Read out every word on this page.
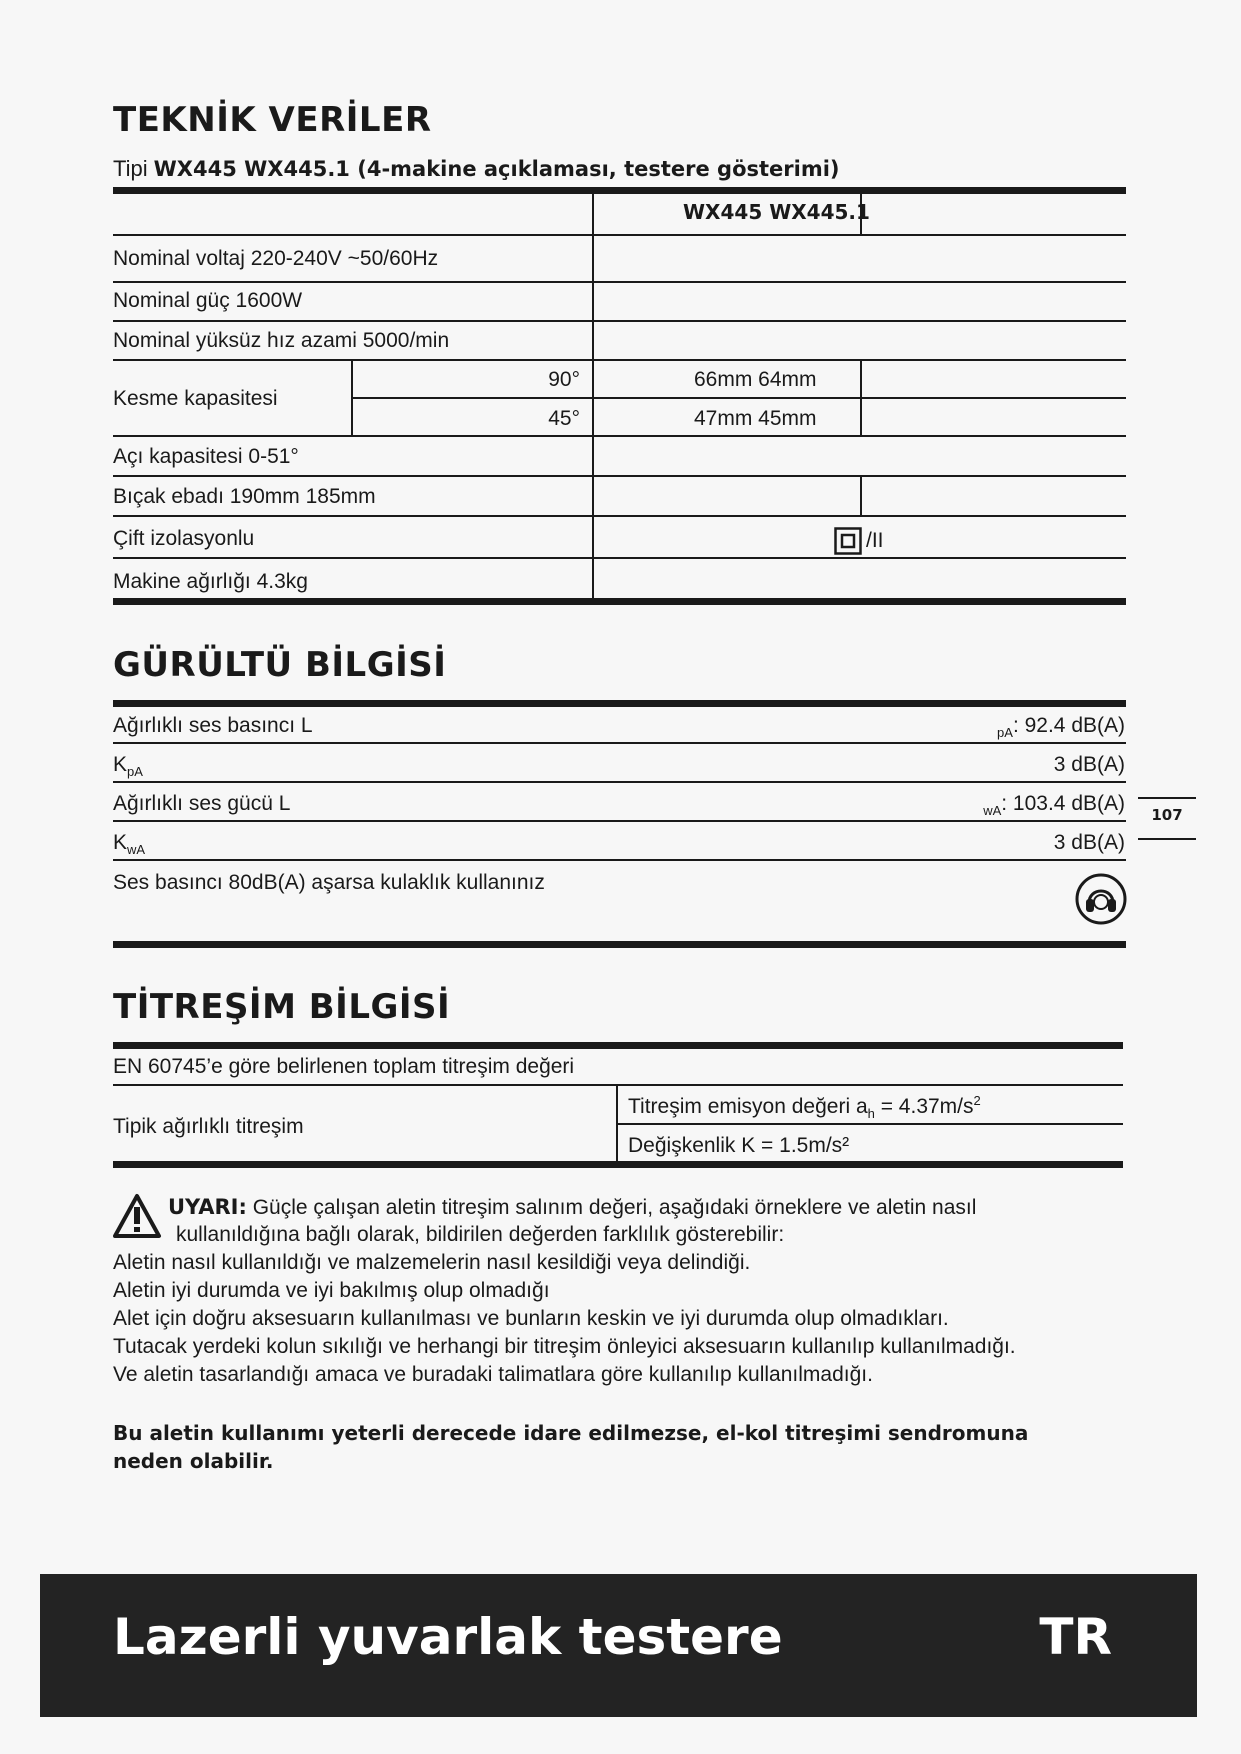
TEKNİK VERİLER
Tipi WX445 WX445.1 (4-makine açıklaması, testere gösterimi)
WX445 WX445.1
Nominal voltaj 220-240V ~50/60Hz
Nominal güç 1600W
Nominal yüksüz hız azami 5000/min
Kesme kapasitesi
90°	66mm 64mm
45°	47mm 45mm
Açı kapasitesi 0-51°
Bıçak ebadı 190mm 185mm
Çift izolasyonlu	/II
Makine ağırlığı 4.3kg
GÜRÜLTÜ BİLGİSİ
Ağırlıklı ses basıncı L	$_{pA}$: 92.4 dB(A)
$K_{pA}$	3 dB(A)
Ağırlıklı ses gücü L	$_{wA}$: 103.4 dB(A)
$K_{wA}$	3 dB(A)
Ses basıncı 80dB(A) aşarsa kulaklık kullanınız
107
TİTREŞİM BİLGİSİ
EN 60745’e göre belirlenen toplam titreşim değeri
Tipik ağırlıklı titreşim
Titreşim emisyon değeri $a_h = 4.37m/s^2$
Değişkenlik K = 1.5m/s²
UYARI: Güçle çalışan aletin titreşim salınım değeri, aşağıdaki örneklere ve aletin nasıl
kullanıldığına bağlı olarak, bildirilen değerden farklılık gösterebilir:
Aletin nasıl kullanıldığı ve malzemelerin nasıl kesildiği veya delindiği.
Aletin iyi durumda ve iyi bakılmış olup olmadığı
Alet için doğru aksesuarın kullanılması ve bunların keskin ve iyi durumda olup olmadıkları.
Tutacak yerdeki kolun sıkılığı ve herhangi bir titreşim önleyici aksesuarın kullanılıp kullanılmadığı.
Ve aletin tasarlandığı amaca ve buradaki talimatlara göre kullanılıp kullanılmadığı.
Bu aletin kullanımı yeterli derecede idare edilmezse, el-kol titreşimi sendromuna
neden olabilir.
Lazerli yuvarlak testere	TR
